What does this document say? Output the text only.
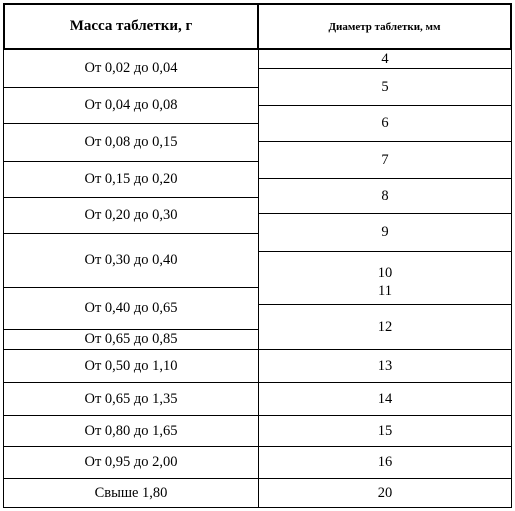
Масса таблетки, г	Диаметр таблетки, мм
От 0,02 до 0,04
От 0,04 до 0,08
От 0,08 до 0,15
От 0,15 до 0,20
От 0,20 до 0,30
От 0,30 до 0,40
От 0,40 до 0,65
От 0,65 до 0,85
От 0,50 до 1,10
От 0,65 до 1,35
От 0,80 до 1,65
От 0,95 до 2,00
Свыше 1,80
4
5
6
7
8
9
10
11
12
13
14
15
16
20
